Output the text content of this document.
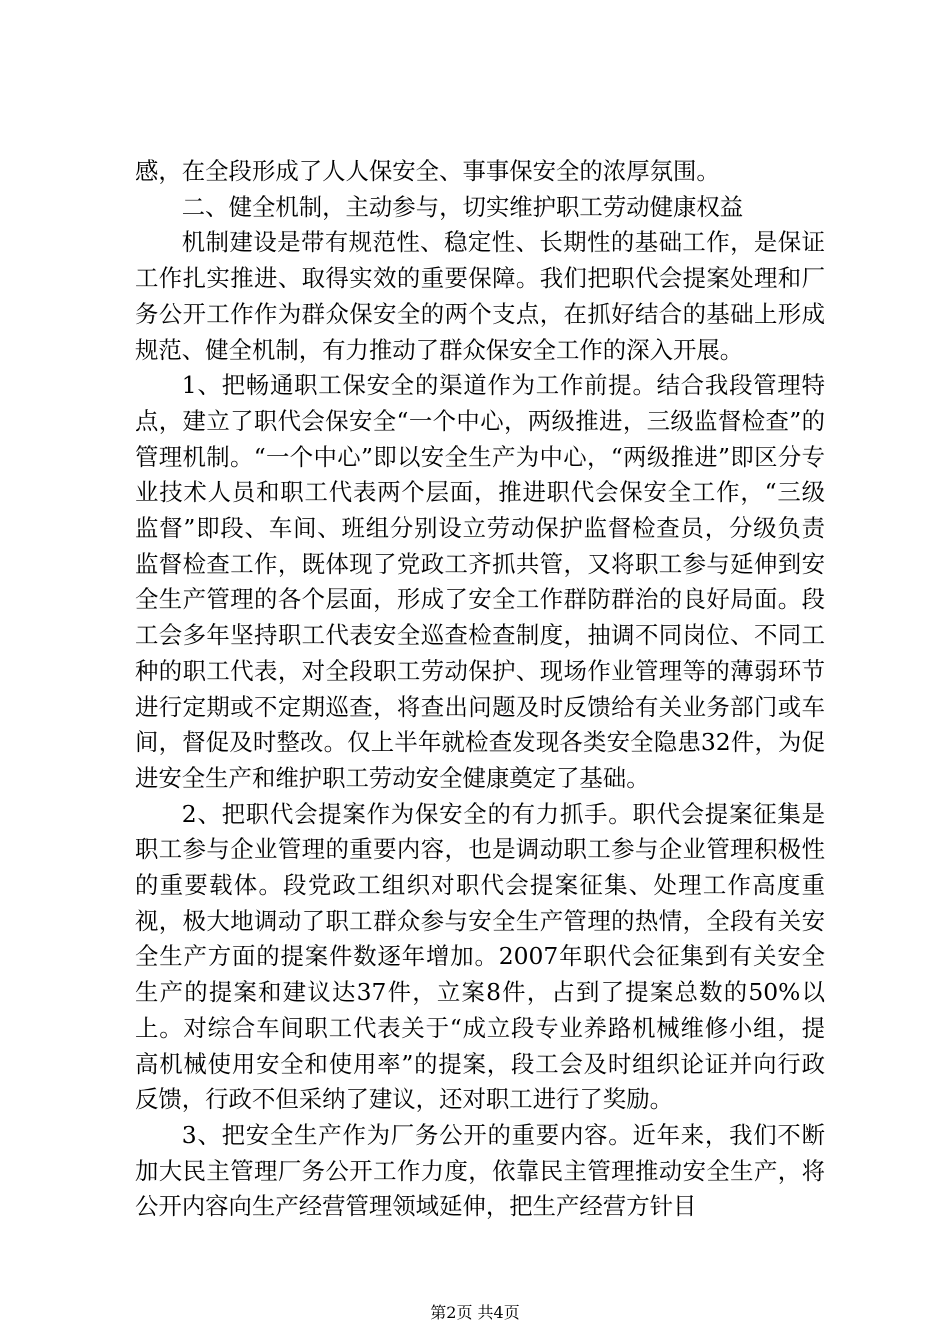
感，在全段形成了人人保安全、事事保安全的浓厚氛围。

二、健全机制，主动参与，切实维护职工劳动健康权益

机制建设是带有规范性、稳定性、长期性的基础工作，是保证工作扎实推进、取得实效的重要保障。我们把职代会提案处理和厂务公开工作作为群众保安全的两个支点，在抓好结合的基础上形成规范、健全机制，有力推动了群众保安全工作的深入开展。

1、把畅通职工保安全的渠道作为工作前提。结合我段管理特点，建立了职代会保安全“一个中心，两级推进，三级监督检查”的管理机制。“一个中心”即以安全生产为中心，“两级推进”即区分专业技术人员和职工代表两个层面，推进职代会保安全工作，“三级监督”即段、车间、班组分别设立劳动保护监督检查员，分级负责监督检查工作，既体现了党政工齐抓共管，又将职工参与延伸到安全生产管理的各个层面，形成了安全工作群防群治的良好局面。段工会多年坚持职工代表安全巡查检查制度，抽调不同岗位、不同工种的职工代表，对全段职工劳动保护、现场作业管理等的薄弱环节进行定期或不定期巡查，将查出问题及时反馈给有关业务部门或车间，督促及时整改。仅上半年就检查发现各类安全隐患32件，为促进安全生产和维护职工劳动安全健康奠定了基础。

2、把职代会提案作为保安全的有力抓手。职代会提案征集是职工参与企业管理的重要内容，也是调动职工参与企业管理积极性的重要载体。段党政工组织对职代会提案征集、处理工作高度重视，极大地调动了职工群众参与安全生产管理的热情，全段有关安全生产方面的提案件数逐年增加。2007年职代会征集到有关安全生产的提案和建议达37件，立案8件，占到了提案总数的50%以上。对综合车间职工代表关于“成立段专业养路机械维修小组，提高机械使用安全和使用率”的提案，段工会及时组织论证并向行政反馈，行政不但采纳了建议，还对职工进行了奖励。

3、把安全生产作为厂务公开的重要内容。近年来，我们不断加大民主管理厂务公开工作力度，依靠民主管理推动安全生产，将公开内容向生产经营管理领域延伸，把生产经营方针目

第2页 共4页
